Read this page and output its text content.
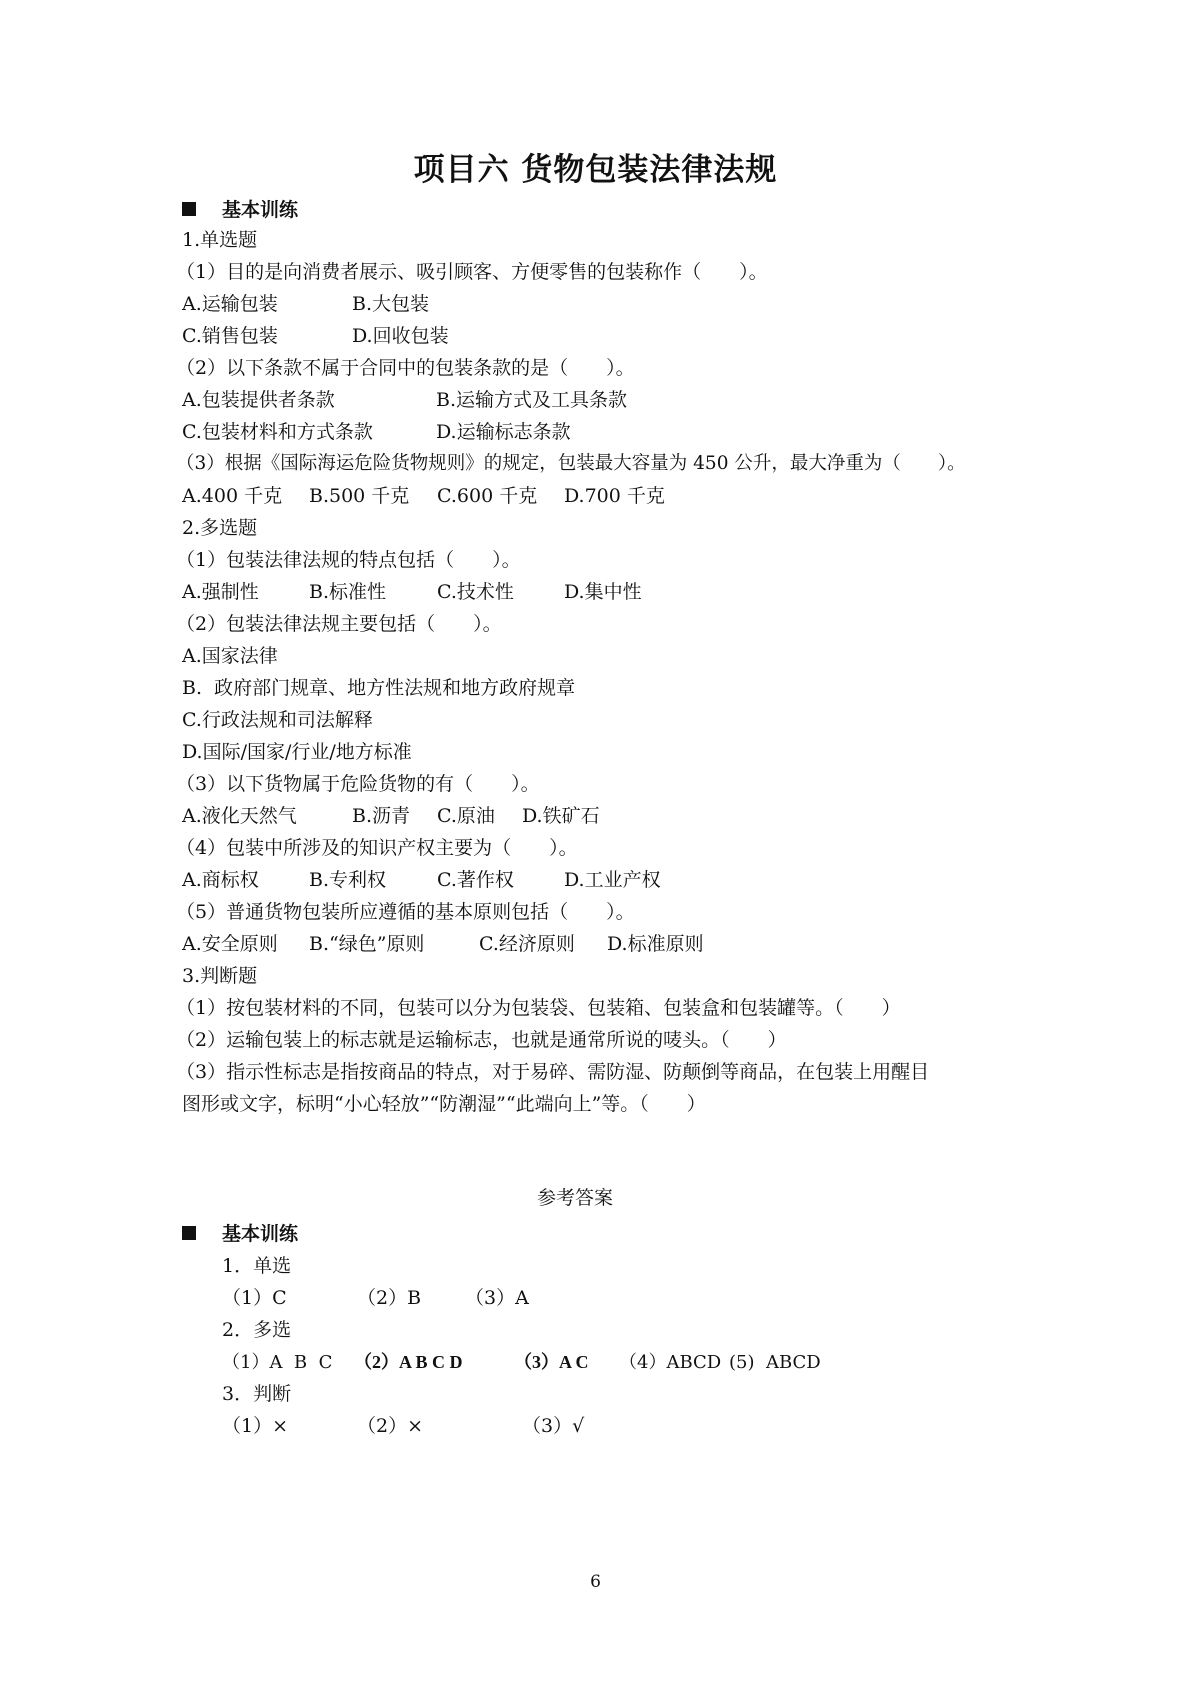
项目六 货物包装法律法规
基本训练
1.单选题
（1）目的是向消费者展示、吸引顾客、方便零售的包装称作（　　）。
A.运输包装	B.大包装
C.销售包装	D.回收包装
（2）以下条款不属于合同中的包装条款的是（　　）。
A.包装提供者条款	B.运输方式及工具条款
C.包装材料和方式条款	D.运输标志条款
（3）根据《国际海运危险货物规则》的规定，包装最大容量为 450 公升，最大净重为（　　）。
A.400 千克 B.500 千克 C.600 千克 D.700 千克
2.多选题
（1）包装法律法规的特点包括（　　）。
A.强制性	B.标准性	C.技术性	D.集中性
（2）包装法律法规主要包括（　　）。
A.国家法律
B.  政府部门规章、地方性法规和地方政府规章
C.行政法规和司法解释
D.国际/国家/行业/地方标准
（3）以下货物属于危险货物的有（　　）。
A.液化天然气	B.沥青 C.原油 D.铁矿石
（4）包装中所涉及的知识产权主要为（　　）。
A.商标权	B.专利权	C.著作权	D.工业产权
（5）普通货物包装所应遵循的基本原则包括（　　）。
A.安全原则 B.“绿色”原则	C.经济原则 D.标准原则
3.判断题
（1）按包装材料的不同，包装可以分为包装袋、包装箱、包装盒和包装罐等。（　　）
（2）运输包装上的标志就是运输标志，也就是通常所说的唛头。（　　）
（3）指示性标志是指按商品的特点，对于易碎、需防湿、防颠倒等商品，在包装上用醒目
图形或文字，标明“小心轻放”“防潮湿”“此端向上”等。（　　）
参考答案
基本训练
1．单选
（1）C	（2）B （3）A
2．多选
（1）A  B  C （2）A B C D	（3）A C （4）ABCD (5)  ABCD
3．判断
（1）×	（2）×	（3）√
6
